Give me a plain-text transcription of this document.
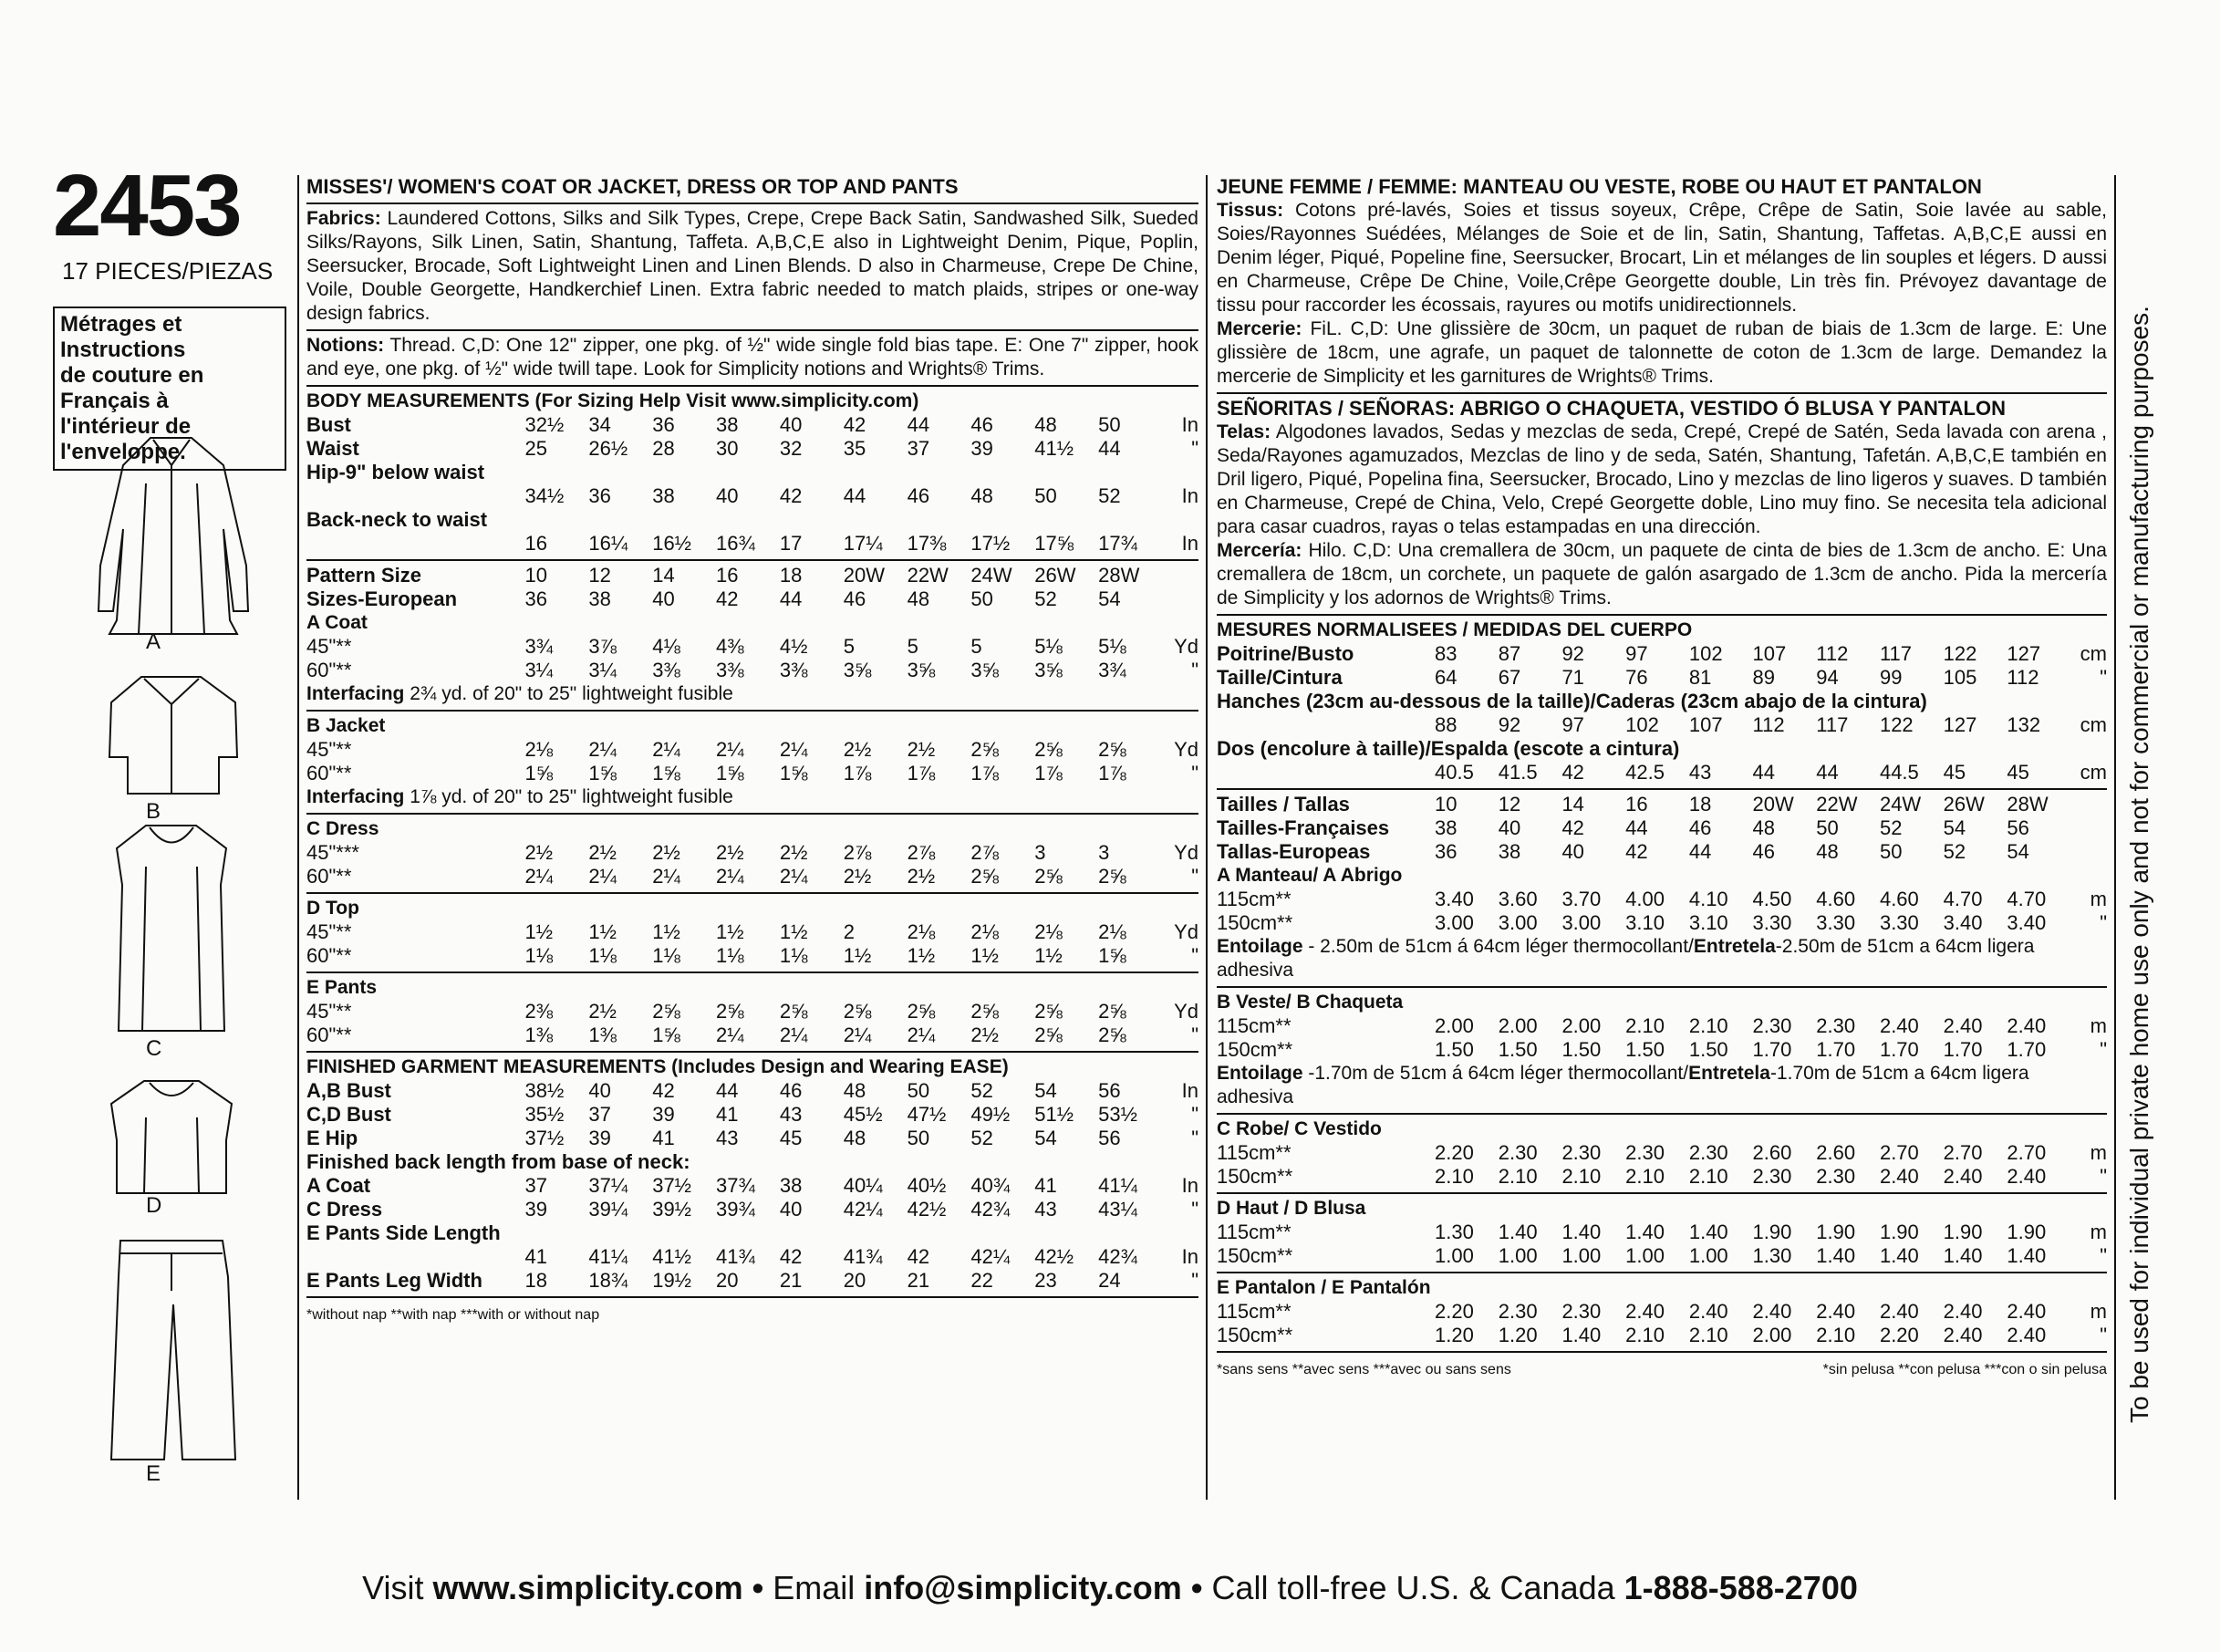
2453
17 PIECES/PIEZAS
Métrages et Instructions
de couture en Français à
l'intérieur de
l'enveloppe.
A
B
C
D
E
MISSES'/ WOMEN'S COAT OR JACKET, DRESS OR TOP AND PANTS

Fabrics: Laundered Cottons, Silks and Silk Types, Crepe, Crepe Back Satin, Sandwashed Silk, Sueded Silks/Rayons, Silk Linen, Satin, Shantung, Taffeta. A,B,C,E also in Lightweight Denim, Pique, Poplin, Seersucker, Brocade, Soft Lightweight Linen and Linen Blends. D also in Charmeuse, Crepe De Chine, Voile, Double Georgette, Handkerchief Linen. Extra fabric needed to match plaids, stripes or one-way design fabrics.

Notions: Thread. C,D: One 12" zipper, one pkg. of ½" wide single fold bias tape. E: One 7" zipper, hook and eye, one pkg. of ½" wide twill tape. Look for Simplicity notions and Wrights® Trims.

BODY MEASUREMENTS (For Sizing Help Visit www.simplicity.com)
Bust	32½	34	36	38	40	42	44	46	48	50	In
Waist	25	26½	28	30	32	35	37	39	41½	44	"
Hip-9" below waist											
	34½	36	38	40	42	44	46	48	50	52	In
Back-neck to waist											
	16	16¼	16½	16¾	17	17¼	17⅜	17½	17⅝	17¾	In
Pattern Size	10	12	14	16	18	20W	22W	24W	26W	28W	
Sizes-European	36	38	40	42	44	46	48	50	52	54	
A Coat
45"**	3¾	3⅞	4⅛	4⅜	4½	5	5	5	5⅛	5⅛	Yd
60"**	3¼	3¼	3⅜	3⅜	3⅜	3⅝	3⅝	3⅝	3⅝	3¾	"
Interfacing 2¾ yd. of 20" to 25" lightweight fusible
B Jacket
45"**	2⅛	2¼	2¼	2¼	2¼	2½	2½	2⅝	2⅝	2⅝	Yd
60"**	1⅝	1⅝	1⅝	1⅝	1⅝	1⅞	1⅞	1⅞	1⅞	1⅞	"
Interfacing 1⅞ yd. of 20" to 25" lightweight fusible
C Dress
45"***	2½	2½	2½	2½	2½	2⅞	2⅞	2⅞	3	3	Yd
60"**	2¼	2¼	2¼	2¼	2¼	2½	2½	2⅝	2⅝	2⅝	"
D Top
45"**	1½	1½	1½	1½	1½	2	2⅛	2⅛	2⅛	2⅛	Yd
60"**	1⅛	1⅛	1⅛	1⅛	1⅛	1½	1½	1½	1½	1⅝	"
E Pants
45"**	2⅜	2½	2⅝	2⅝	2⅝	2⅝	2⅝	2⅝	2⅝	2⅝	Yd
60"**	1⅜	1⅜	1⅝	2¼	2¼	2¼	2¼	2½	2⅝	2⅝	"
FINISHED GARMENT MEASUREMENTS (Includes Design and Wearing EASE)
A,B Bust	38½	40	42	44	46	48	50	52	54	56	In
C,D Bust	35½	37	39	41	43	45½	47½	49½	51½	53½	"
E Hip	37½	39	41	43	45	48	50	52	54	56	"
Finished back length from base of neck:											
A Coat	37	37¼	37½	37¾	38	40¼	40½	40¾	41	41¼	In
C Dress	39	39¼	39½	39¾	40	42¼	42½	42¾	43	43¼	"
E Pants Side Length											
	41	41¼	41½	41¾	42	41¾	42	42¼	42½	42¾	In
E Pants Leg Width	18	18¾	19½	20	21	20	21	22	23	24	"
*without nap **with nap ***with or without nap
JEUNE FEMME / FEMME: MANTEAU OU VESTE, ROBE OU HAUT ET PANTALON

Tissus: Cotons pré-lavés, Soies et tissus soyeux, Crêpe, Crêpe de Satin, Soie lavée au sable, Soies/Rayonnes Suédées, Mélanges de Soie et de lin, Satin, Shantung, Taffetas. A,B,C,E aussi en Denim léger, Piqué, Popeline fine, Seersucker, Brocart, Lin et mélanges de lin souples et légers. D aussi en Charmeuse, Crêpe De Chine, Voile,Crêpe Georgette double, Lin très fin. Prévoyez davantage de tissu pour raccorder les écossais, rayures ou motifs unidirectionnels.

Mercerie: FiL. C,D: Une glissière de 30cm, un paquet de ruban de biais de 1.3cm de large. E: Une glissière de 18cm, une agrafe, un paquet de talonnette de coton de 1.3cm de large. Demandez la mercerie de Simplicity et les garnitures de Wrights® Trims.

SEÑORITAS / SEÑORAS: ABRIGO O CHAQUETA, VESTIDO Ó BLUSA Y PANTALON

Telas: Algodones lavados, Sedas y mezclas de seda, Crepé, Crepé de Satén, Seda lavada con arena , Seda/Rayones agamuzados, Mezclas de lino y de seda, Satén, Shantung, Tafetán. A,B,C,E también en Dril ligero, Piqué, Popelina fina, Seersucker, Brocado, Lino y mezclas de lino ligeros y suaves. D también en Charmeuse, Crepé de China, Velo, Crepé Georgette doble, Lino muy fino. Se necesita tela adicional para casar cuadros, rayas o telas estampadas en una dirección.

Mercería: Hilo. C,D: Una cremallera de 30cm, un paquete de cinta de bies de 1.3cm de ancho. E: Una cremallera de 18cm, un corchete, un paquete de galón asargado de 1.3cm de ancho. Pida la mercería de Simplicity y los adornos de Wrights® Trims.

MESURES NORMALISEES / MEDIDAS DEL CUERPO
Poitrine/Busto	83	87	92	97	102	107	112	117	122	127	cm
Taille/Cintura	64	67	71	76	81	89	94	99	105	112	"
Hanches (23cm au-dessous de la taille)/Caderas (23cm abajo de la cintura)											
	88	92	97	102	107	112	117	122	127	132	cm
Dos (encolure à taille)/Espalda (escote a cintura)											
	40.5	41.5	42	42.5	43	44	44	44.5	45	45	cm
Tailles / Tallas	10	12	14	16	18	20W	22W	24W	26W	28W	
Tailles-Françaises	38	40	42	44	46	48	50	52	54	56	
Tallas-Europeas	36	38	40	42	44	46	48	50	52	54	
A Manteau/ A Abrigo
115cm**	3.40	3.60	3.70	4.00	4.10	4.50	4.60	4.60	4.70	4.70	m
150cm**	3.00	3.00	3.00	3.10	3.10	3.30	3.30	3.30	3.40	3.40	"
Entoilage - 2.50m de 51cm á 64cm léger thermocollant/Entretela-2.50m de 51cm a 64cm ligera adhesiva
B Veste/ B Chaqueta
115cm**	2.00	2.00	2.00	2.10	2.10	2.30	2.30	2.40	2.40	2.40	m
150cm**	1.50	1.50	1.50	1.50	1.50	1.70	1.70	1.70	1.70	1.70	"
Entoilage -1.70m de 51cm á 64cm léger thermocollant/Entretela-1.70m de 51cm a 64cm ligera adhesiva
C Robe/ C Vestido
115cm**	2.20	2.30	2.30	2.30	2.30	2.60	2.60	2.70	2.70	2.70	m
150cm**	2.10	2.10	2.10	2.10	2.10	2.30	2.30	2.40	2.40	2.40	"
D Haut / D Blusa
115cm**	1.30	1.40	1.40	1.40	1.40	1.90	1.90	1.90	1.90	1.90	m
150cm**	1.00	1.00	1.00	1.00	1.00	1.30	1.40	1.40	1.40	1.40	"
E Pantalon / E Pantalón
115cm**	2.20	2.30	2.30	2.40	2.40	2.40	2.40	2.40	2.40	2.40	m
150cm**	1.20	1.20	1.40	2.10	2.10	2.00	2.10	2.20	2.40	2.40	"
*sans sens **avec sens ***avec ou sans sens	*sin pelusa **con pelusa ***con o sin pelusa
Visit www.simplicity.com • Email info@simplicity.com • Call toll-free U.S. & Canada 1-888-588-2700
To be used for individual private home use only and not for commercial or manufacturing purposes.
